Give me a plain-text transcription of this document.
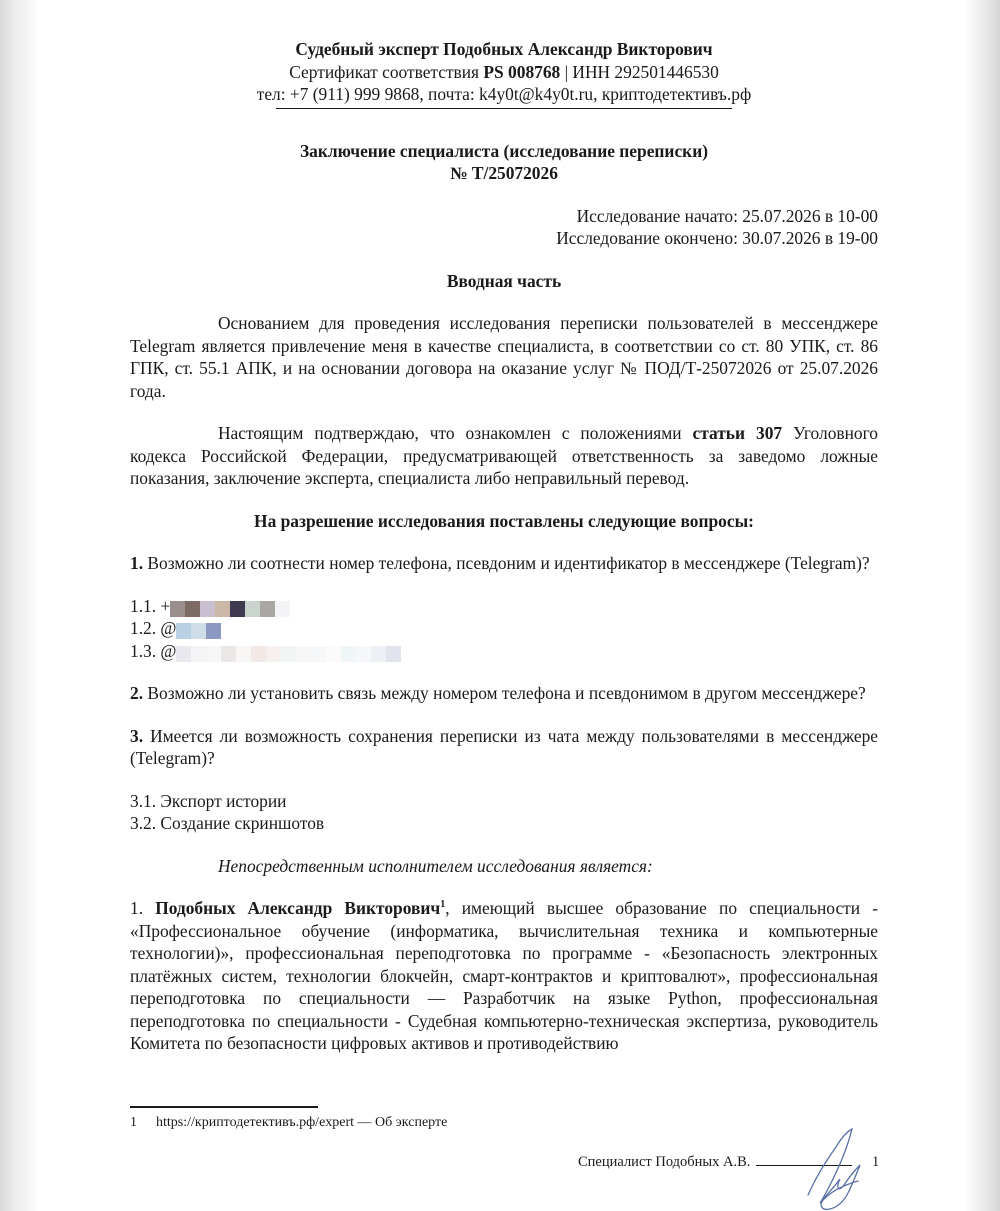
Судебный эксперт Подобных Александр Викторович

Сертификат соответствия PS 008768 | ИНН 292501446530

тел: +7 (911) 999 9868, почта: k4y0t@k4y0t.ru, криптодетективъ.рф

Заключение специалиста (исследование переписки)

№ Т/25072026

Исследование начато: 25.07.2026 в 10-00

Исследование окончено: 30.07.2026 в 19-00

Вводная часть

Основанием для проведения исследования переписки пользователей в мессенджере Telegram является привлечение меня в качестве специалиста, в соответствии со ст. 80 УПК, ст. 86 ГПК, ст. 55.1 АПК, и на основании договора на оказание услуг № ПОД/Т-25072026 от 25.07.2026 года.

Настоящим подтверждаю, что ознакомлен с положениями статьи 307 Уголовного кодекса Российской Федерации, предусматривающей ответственность за заведомо ложные показания, заключение эксперта, специалиста либо неправильный перевод.

На разрешение исследования поставлены следующие вопросы:

1. Возможно ли соотнести номер телефона, псевдоним и идентификатор в мессенджере (Telegram)?

1.1. +

1.2. @

1.3. @

2. Возможно ли установить связь между номером телефона и псевдонимом в другом мессенджере?

3. Имеется ли возможность сохранения переписки из чата между пользователями в мессенджере (Telegram)?

3.1. Экспорт истории

3.2. Создание скриншотов

Непосредственным исполнителем исследования является:

1. Подобных Александр Викторович$^1$, имеющий высшее образование по специальности - «Профессиональное обучение (информатика, вычислительная техника и компьютерные технологии)», профессиональная переподготовка по программе - «Безопасность электронных платёжных систем, технологии блокчейн, смарт-контрактов и криптовалют», профессиональная переподготовка по специальности — Разработчик на языке Python, профессиональная переподготовка по специальности - Судебная компьютерно-техническая экспертиза, руководитель Комитета по безопасности цифровых активов и противодействию

1 https://криптодетективъ.рф/expert — Об эксперте
Специалист Подобных А.В.	1
